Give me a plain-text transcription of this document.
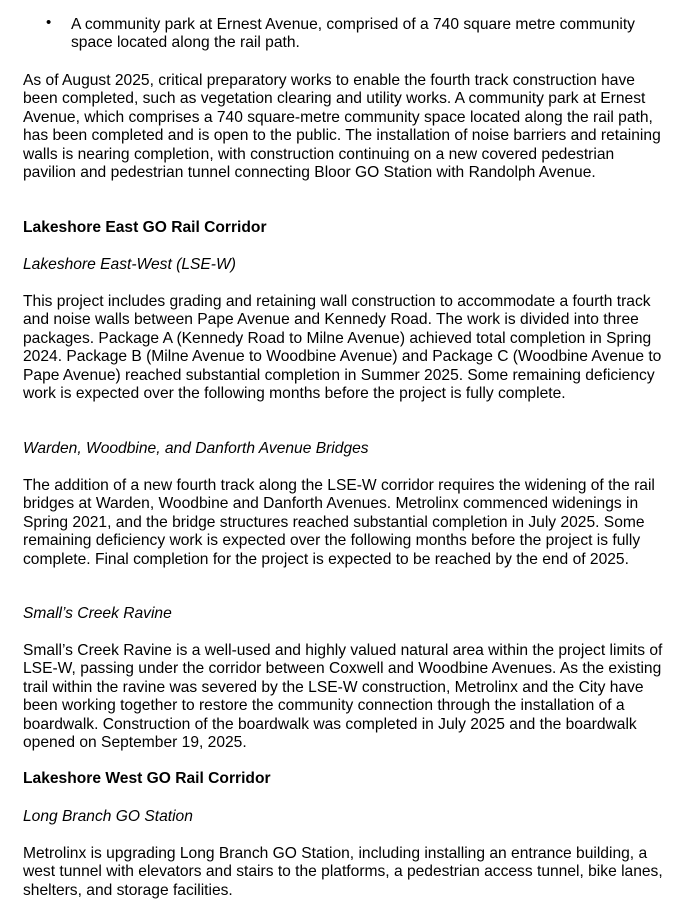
• A community park at Ernest Avenue, comprised of a 740 square metre community space located along the rail path.

As of August 2025, critical preparatory works to enable the fourth track construction have been completed, such as vegetation clearing and utility works. A community park at Ernest Avenue, which comprises a 740 square-metre community space located along the rail path, has been completed and is open to the public. The installation of noise barriers and retaining walls is nearing completion, with construction continuing on a new covered pedestrian pavilion and pedestrian tunnel connecting Bloor GO Station with Randolph Avenue.

Lakeshore East GO Rail Corridor
Lakeshore East-West (LSE-W)

This project includes grading and retaining wall construction to accommodate a fourth track and noise walls between Pape Avenue and Kennedy Road. The work is divided into three packages. Package A (Kennedy Road to Milne Avenue) achieved total completion in Spring 2024. Package B (Milne Avenue to Woodbine Avenue) and Package C (Woodbine Avenue to Pape Avenue) reached substantial completion in Summer 2025. Some remaining deficiency work is expected over the following months before the project is fully complete.

Warden, Woodbine, and Danforth Avenue Bridges

The addition of a new fourth track along the LSE-W corridor requires the widening of the rail bridges at Warden, Woodbine and Danforth Avenues. Metrolinx commenced widenings in Spring 2021, and the bridge structures reached substantial completion in July 2025. Some remaining deficiency work is expected over the following months before the project is fully complete. Final completion for the project is expected to be reached by the end of 2025.

Small’s Creek Ravine

Small’s Creek Ravine is a well-used and highly valued natural area within the project limits of LSE-W, passing under the corridor between Coxwell and Woodbine Avenues. As the existing trail within the ravine was severed by the LSE-W construction, Metrolinx and the City have been working together to restore the community connection through the installation of a boardwalk. Construction of the boardwalk was completed in July 2025 and the boardwalk opened on September 19, 2025.

Lakeshore West GO Rail Corridor
Long Branch GO Station

Metrolinx is upgrading Long Branch GO Station, including installing an entrance building, a west tunnel with elevators and stairs to the platforms, a pedestrian access tunnel, bike lanes, shelters, and storage facilities.
